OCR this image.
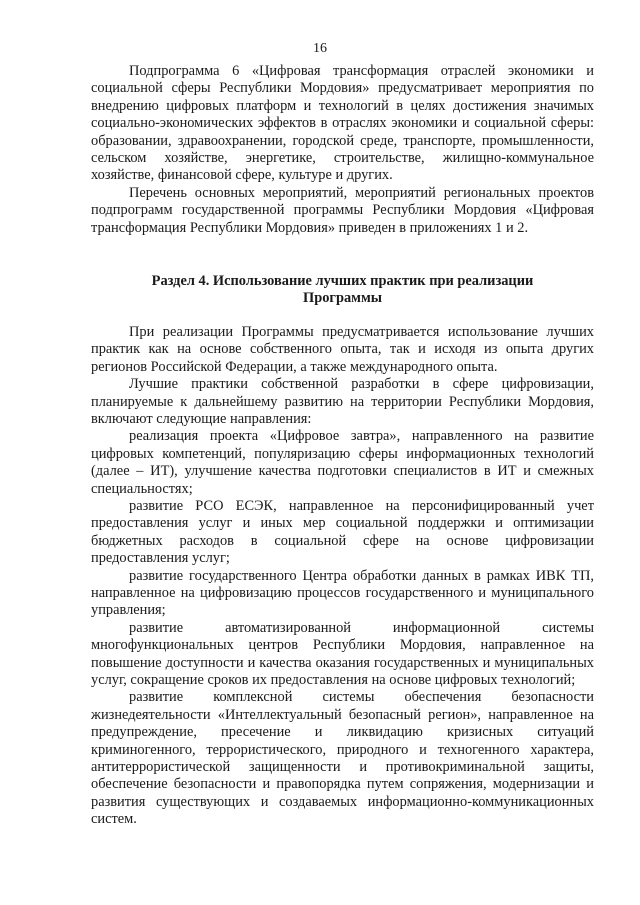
16

Подпрограмма 6 «Цифровая трансформация отраслей экономики и социальной сферы Республики Мордовия» предусматривает мероприятия по внедрению цифровых платформ и технологий в целях достижения значимых социально-экономических эффектов в отраслях экономики и социальной сферы: образовании, здравоохранении, городской среде, транспорте, промышленности, сельском хозяйстве, энергетике, строительстве, жилищно-коммунальное хозяйстве, финансовой сфере, культуре и других.

Перечень основных мероприятий, мероприятий региональных проектов подпрограмм государственной программы Республики Мордовия «Цифровая трансформация Республики Мордовия» приведен в приложениях 1 и 2.

Раздел 4. Использование лучших практик при реализации Программы

При реализации Программы предусматривается использование лучших практик как на основе собственного опыта, так и исходя из опыта других регионов Российской Федерации, а также международного опыта.

Лучшие практики собственной разработки в сфере цифровизации, планируемые к дальнейшему развитию на территории Республики Мордовия, включают следующие направления:

реализация проекта «Цифровое завтра», направленного на развитие цифровых компетенций, популяризацию сферы информационных технологий (далее – ИТ), улучшение качества подготовки специалистов в ИТ и смежных специальностях;

развитие РСО ЕСЭК, направленное на персонифицированный учет предоставления услуг и иных мер социальной поддержки и оптимизации бюджетных расходов в социальной сфере на основе цифровизации предоставления услуг;

развитие государственного Центра обработки данных в рамках ИВК ТП, направленное на цифровизацию процессов государственного и муниципального управления;

развитие автоматизированной информационной системы многофункциональных центров Республики Мордовия, направленное на повышение доступности и качества оказания государственных и муниципальных услуг, сокращение сроков их предоставления на основе цифровых технологий;

развитие комплексной системы обеспечения безопасности жизнедеятельности «Интеллектуальный безопасный регион», направленное на предупреждение, пресечение и ликвидацию кризисных ситуаций криминогенного, террористического, природного и техногенного характера, антитеррористической защищенности и противокриминальной защиты, обеспечение безопасности и правопорядка путем сопряжения, модернизации и развития существующих и создаваемых информационно-коммуникационных систем.
